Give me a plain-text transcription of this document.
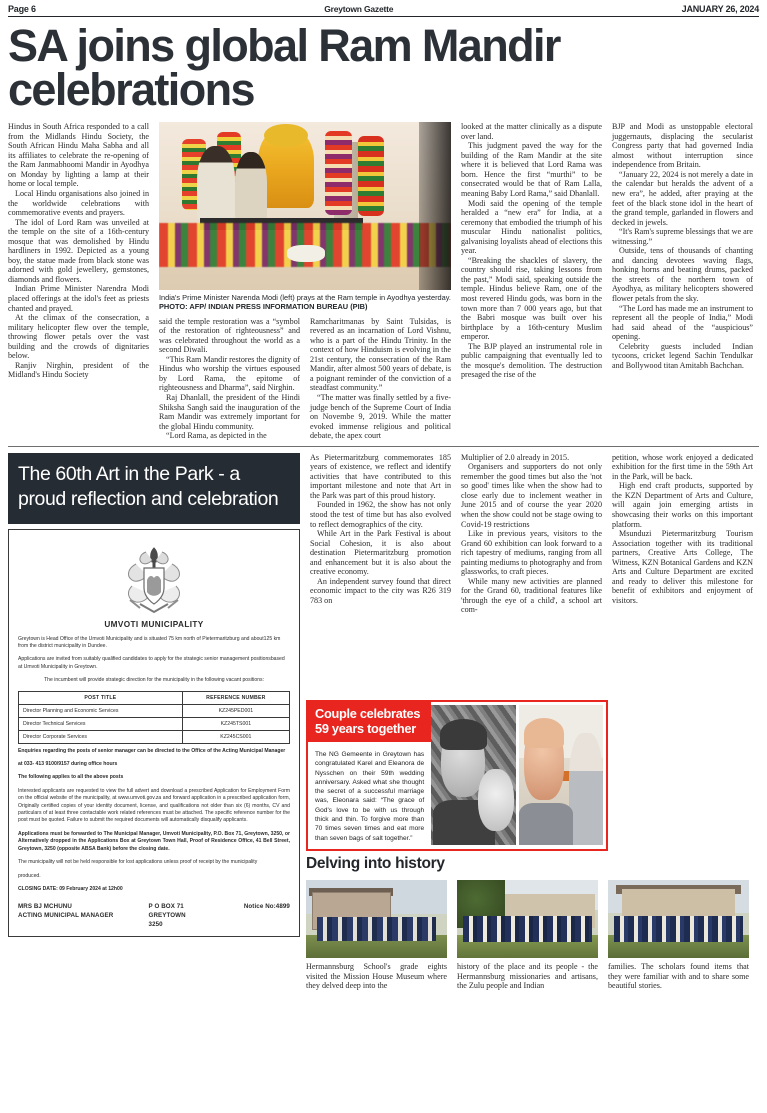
Page 6	Greytown Gazette	JANUARY 26, 2024
SA joins global Ram Mandir celebrations

Hindus in South Africa responded to a call from the Midlands Hindu Society, the South African Hindu Maha Sabha and all its affiliates to celebrate the re-opening of the Ram Janmabhoomi Mandir in Ayodhya on Monday by lighting a lamp at their home or local temple.

Local Hindu organisations also joined in the worldwide celebrations with commemorative events and prayers.

The idol of Lord Ram was unveiled at the temple on the site of a 16th-century mosque that was demolished by Hindu hardliners in 1992. Depicted as a young boy, the statue made from black stone was adorned with gold jewellery, gemstones, diamonds and flowers.

Indian Prime Minister Narendra Modi placed offerings at the idol's feet as priests chanted and prayed.

At the climax of the consecration, a military helicopter flew over the temple, throwing flower petals over the vast building and the crowds of dignitaries below.

Ranjiv Nirghin, president of the Midland's Hindu Society

India's Prime Minister Narenda Modi (left) prays at the Ram temple in Ayodhya yesterday. PHOTO: AFP/ INDIAN PRESS INFORMATION BUREAU (PIB)

said the temple restoration was a “symbol of the restoration of righteousness” and was celebrated throughout the world as a second Diwali.

“This Ram Mandir restores the dignity of Hindus who worship the virtues espoused by Lord Rama, the epitome of righteousness and Dharma”, said Nirghin.

Raj Dhanlall, the president of the Hindi Shiksha Sangh said the inauguration of the Ram Mandir was extremely important for the global Hindu community.

“Lord Rama, as depicted in the

Ramcharitmanas by Saint Tulsidas, is revered as an incarnation of Lord Vishnu, who is a part of the Hindu Trinity. In the context of how Hinduism is evolving in the 21st century, the consecration of the Ram Mandir, after almost 500 years of debate, is a poignant reminder of the conviction of a steadfast community.”

“The matter was finally settled by a five-judge bench of the Supreme Court of India on Novembe 9, 2019. While the matter evoked immense religious and political debate, the apex court

looked at the matter clinically as a dispute over land.

This judgment paved the way for the building of the Ram Mandir at the site where it is believed that Lord Rama was born. Hence the first “murthi” to be consecrated would be that of Ram Lalla, meaning Baby Lord Rama,” said Dhanlall.

Modi said the opening of the temple heralded a “new era” for India, at a ceremony that embodied the triumph of his muscular Hindu nationalist politics, galvanising loyalists ahead of elections this year.

“Breaking the shackles of slavery, the country should rise, taking lessons from the past,” Modi said, speaking outside the temple. Hindus believe Ram, one of the most revered Hindu gods, was born in the town more than 7 000 years ago, but that the Babri mosque was built over his birthplace by a 16th-century Muslim emperor.

The BJP played an instrumental role in public campaigning that eventually led to the mosque's demolition. The destruction presaged the rise of the

BJP and Modi as unstoppable electoral juggernauts, displacing the secularist Congress party that had governed India almost without interruption since independence from Britain.

“January 22, 2024 is not merely a date in the calendar but heralds the advent of a new era”, he added, after praying at the feet of the black stone idol in the heart of the grand temple, garlanded in flowers and decked in jewels.

“It's Ram's supreme blessings that we are witnessing.”

Outside, tens of thousands of chanting and dancing devotees waving flags, honking horns and beating drums, packed the streets of the northern town of Ayodhya, as military helicopters showered flower petals from the sky.

“The Lord has made me an instrument to represent all the people of India,” Modi had said ahead of the “auspicious” opening.

Celebrity guests included Indian tycoons, cricket legend Sachin Tendulkar and Bollywood titan Amitabh Bachchan.

The 60th Art in the Park - a proud reflection and celebration
UMVOTI MUNICIPALITY
Greytown is Head Office of the Umvoti Municipality and is situated 75 km north of Pietermaritzburg and about125 km from the district municipality in Dundee.
Applications are invited from suitably qualified candidates to apply for the strategic senior management positionsbased at Umvoti Municipality in Greytown.
The incumbent will provide strategic direction for the municipality in the following vacant positions:
POST TITLE	REFERENCE NUMBER
Director Planning and Economic Services	KZ245PED001
Director Technical Services	KZ245TS001
Director Corporate Services	KZ245CS001
Enquiries regarding the posts of senior manager can be directed to the Office of the Acting Municipal Manager
at 033- 413 9100/9157 during office hours
The following applies to all the above posts
Interested applicants are requested to view the full advert and download a prescribed Application for Employment Form on the official website of the municipality, at www.umvoti.gov.za and forward application in a prescribed application form, Originally certified copies of your identity document, license, and qualifications not older than six (6) months, CV and particulars of at least three contactable work related references must be attached. The specific reference number for the post must be quoted. Failure to submit the required documents will automatically disqualify applicants.
Applications must be forwarded to The Municipal Manager, Umvoti Municipality, P.O. Box 71, Greytown, 3250, or Alternatively dropped in the Applications Box at Greytown Town Hall, Proof of Residence Office, 41 Bell Street, Greytown, 3250 (opposite ABSA Bank) before the closing date.
The municipality will not be held responsible for lost applications unless proof of receipt by the municipality
produced.
CLOSING DATE: 09 February 2024 at 12h00
MRS BJ MCHUNU
ACTING MUNICIPAL MANAGER
P O BOX 71
GREYTOWN
3250
Notice No:4899

As Pietermaritzburg commemorates 185 years of existence, we reflect and identify activities that have contributed to this important milestone and note that Art in the Park was part of this proud history.

Founded in 1962, the show has not only stood the test of time but has also evolved to reflect demographics of the city.

While Art in the Park Festival is about Social Cohesion, it is also about destination Pietermaritzburg promotion and enhancement but it is also about the creative economy.

An independent survey found that direct economic impact to the city was R26 319 783 on

Multiplier of 2.0 already in 2015.

Organisers and supporters do not only remember the good times but also the 'not so good' times like when the show had to close early due to inclement weather in June 2015 and of course the year 2020 when the show could not be stage owing to Covid-19 restrictions

Like in previous years, visitors to the Grand 60 exhibition can look forward to a rich tapestry of mediums, ranging from all painting mediums to photography and from glassworks, to craft pieces.

While many new activities are planned for the Grand 60, traditional features like 'through the eye of a child', a school art com-

petition, whose work enjoyed a dedicated exhibition for the first time in the 59th Art in the Park, will be back.

High end craft products, supported by the KZN Department of Arts and Culture, will again join emerging artists in showcasing their works on this important platform.

Msunduzi Pietermaritzburg Tourism Association together with its traditional partners, Creative Arts College, The Witness, KZN Botanical Gardens and KZN Arts and Culture Department are excited and ready to deliver this milestone for benefit of exhibitors and enjoyment of visitors.

Couple celebrates 59 years together
The NG Gemeente in Greytown has congratulated Karel and Eleanora de Nysschen on their 59th wedding anniversary. Asked what she thought the secret of a successful marriage was, Eleonara said: “The grace of God's love to be with us through thick and thin. To forgive more than 70 times seven times and eat more than seven bags of salt together.”
Delving into history
Hermannsburg School's grade eights visited the Mission House Museum where they delved deep into the
history of the place and its people - the Hermannsburg missionaries and artisans, the Zulu people and Indian
families. The scholars found items that they were familiar with and to share some beautiful stories.
